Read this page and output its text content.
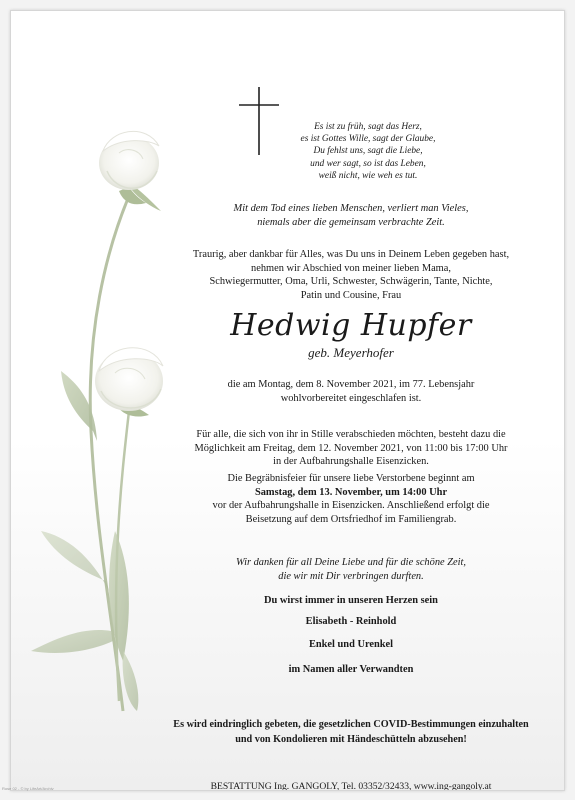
Es ist zu früh, sagt das Herz,
es ist Gottes Wille, sagt der Glaube,
Du fehlst uns, sagt die Liebe,
und wer sagt, so ist das Leben,
weiß nicht, wie weh es tut.
Mit dem Tod eines lieben Menschen, verliert man Vieles,
niemals aber die gemeinsam verbrachte Zeit.
Traurig, aber dankbar für Alles, was Du uns in Deinem Leben gegeben hast,
nehmen wir Abschied von meiner lieben Mama,
Schwiegermutter, Oma, Urli, Schwester, Schwägerin, Tante, Nichte,
Patin und Cousine, Frau
Hedwig Hupfer
geb. Meyerhofer
die am Montag, dem 8. November 2021, im 77. Lebensjahr
wohlvorbereitet eingeschlafen ist.
Für alle, die sich von ihr in Stille verabschieden möchten, besteht dazu die
Möglichkeit am Freitag, dem 12. November 2021, von 11:00 bis 17:00 Uhr
in der Aufbahrungshalle Eisenzicken.
Die Begräbnisfeier für unsere liebe Verstorbene beginnt am
Samstag, dem 13. November, um 14:00 Uhr
vor der Aufbahrungshalle in Eisenzicken. Anschließend erfolgt die
Beisetzung auf dem Ortsfriedhof im Familiengrab.
Wir danken für all Deine Liebe und für die schöne Zeit,
die wir mit Dir verbringen durften.
Du wirst immer in unseren Herzen sein
Elisabeth - Reinhold
Enkel und Urenkel
im Namen aller Verwandten
Es wird eindringlich gebeten, die gesetzlichen COVID-Bestimmungen einzuhalten
und von Kondolieren mit Händeschütteln abzusehen!
BESTATTUNG Ing. GANGOLY, Tel. 03352/32433, www.ing-gangoly.at
Rose 02 - © by LifeArt/Archiv
